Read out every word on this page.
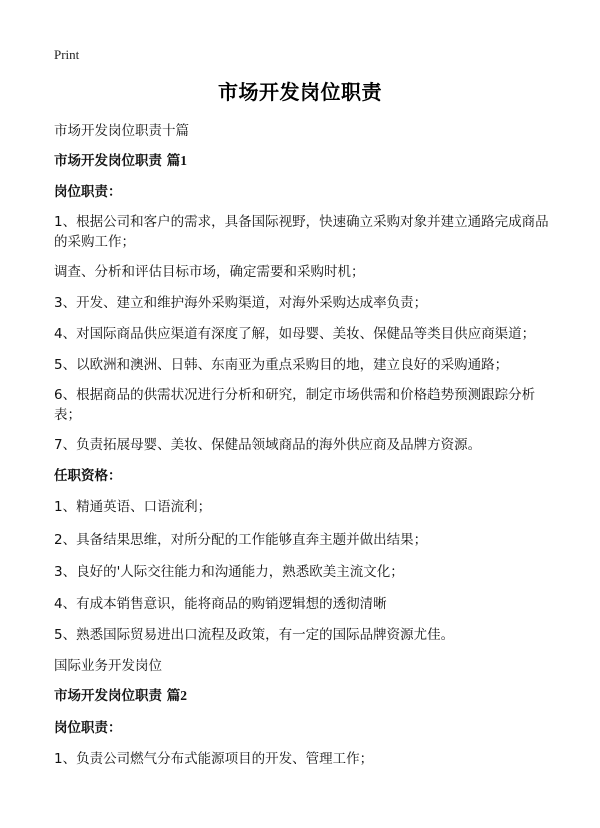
Print
市场开发岗位职责
市场开发岗位职责十篇
市场开发岗位职责 篇1
岗位职责：
1、根据公司和客户的需求，具备国际视野，快速确立采购对象并建立通路完成商品的采购工作；
调查、分析和评估目标市场，确定需要和采购时机；
3、开发、建立和维护海外采购渠道，对海外采购达成率负责；
4、对国际商品供应渠道有深度了解，如母婴、美妆、保健品等类目供应商渠道；
5、以欧洲和澳洲、日韩、东南亚为重点采购目的地，建立良好的采购通路；
6、根据商品的供需状况进行分析和研究，制定市场供需和价格趋势预测跟踪分析表；
7、负责拓展母婴、美妆、保健品领域商品的海外供应商及品牌方资源。
任职资格：
1、精通英语、口语流利；
2、具备结果思维，对所分配的工作能够直奔主题并做出结果；
3、良好的'人际交往能力和沟通能力，熟悉欧美主流文化；
4、有成本销售意识，能将商品的购销逻辑想的透彻清晰
5、熟悉国际贸易进出口流程及政策，有一定的国际品牌资源尤佳。
国际业务开发岗位
市场开发岗位职责 篇2
岗位职责：
1、负责公司燃气分布式能源项目的开发、管理工作；
